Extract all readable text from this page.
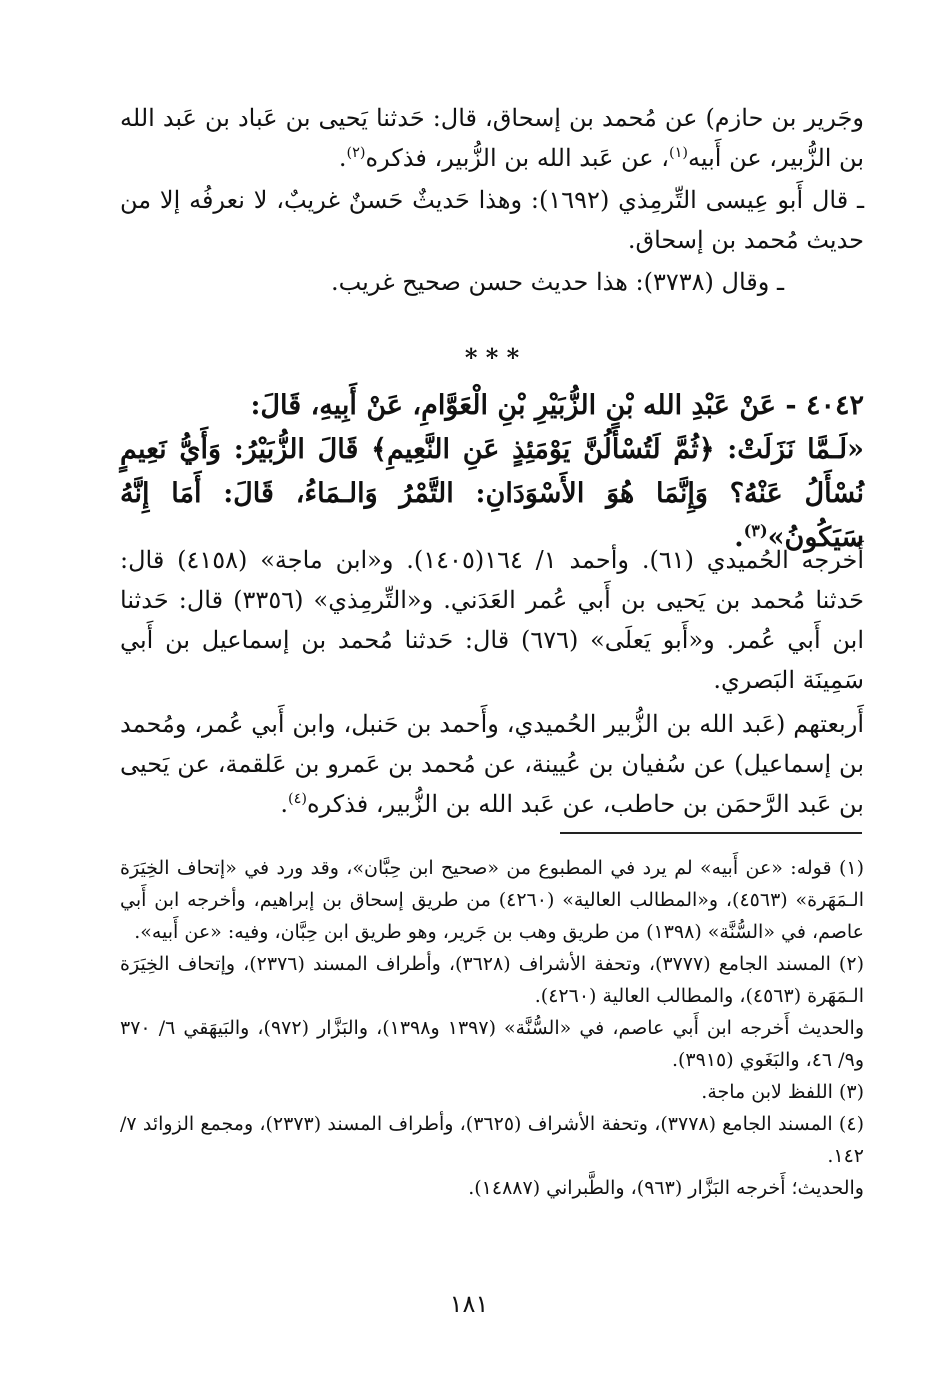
وجَرير بن حازم) عن مُحمد بن إسحاق، قال: حَدثنا يَحيى بن عَباد بن عَبد الله بن الزُّبير، عن أَبيه$^{(١)}$، عن عَبد الله بن الزُّبير، فذكره$^{(٢)}$.
ـ قال أَبو عِيسى التِّرمِذي (١٦٩٢): وهذا حَديثٌ حَسنٌ غريبٌ، لا نعرفُه إلا من حديث مُحمد بن إسحاق.
ـ وقال (٣٧٣٨): هذا حديث حسن صحيح غريب.
* * *
٤٠٤٢ - عَنْ عَبْدِ الله بْنِ الزُّبَيْرِ بْنِ الْعَوَّامِ، عَنْ أَبِيهِ، قَالَ:
«لَـمَّا نَزَلَتْ: ﴿ثُمَّ لَتُسْأَلُنَّ يَوْمَئِذٍ عَنِ النَّعِيمِ﴾ قَالَ الزُّبَيْرُ: وَأَيُّ نَعِيمٍ نُسْأَلُ عَنْهُ؟ وَإِنَّمَا هُوَ الأَسْوَدَانِ: التَّمْرُ وَالـمَاءُ، قَالَ: أَمَا إِنَّهُ سَيَكُونُ»$^{(٣)}$.
أَخرجه الحُميدي (٦١). وأحمد ١/ ١٦٤(١٤٠٥). و«ابن ماجة» (٤١٥٨) قال: حَدثنا مُحمد بن يَحيى بن أَبي عُمر العَدَني. و«التِّرمِذي» (٣٣٥٦) قال: حَدثنا ابن أَبي عُمر. و«أَبو يَعلَى» (٦٧٦) قال: حَدثنا مُحمد بن إسماعيل بن أَبي سَمِينَة البَصري.
أَربعتهم (عَبد الله بن الزُّبير الحُميدي، وأَحمد بن حَنبل، وابن أَبي عُمر، ومُحمد بن إسماعيل) عن سُفيان بن عُيينة، عن مُحمد بن عَمرو بن عَلقمة، عن يَحيى بن عَبد الرَّحمَن بن حاطب، عن عَبد الله بن الزُّبير، فذكره$^{(٤)}$.
(١) قوله: «عن أَبيه» لم يرد في المطبوع من «صحيح ابن حِبَّان»، وقد ورد في «إتحاف الخِيَرَة الـمَهَرة» (٤٥٦٣)، و«المطالب العالية» (٤٢٦٠) من طريق إسحاق بن إبراهيم، وأخرجه ابن أَبي عاصم، في «السُّنَّة» (١٣٩٨) من طريق وهب بن جَرير، وهو طريق ابن حِبَّان، وفيه: «عن أَبيه».
(٢) المسند الجامع (٣٧٧٧)، وتحفة الأشراف (٣٦٢٨)، وأطراف المسند (٢٣٧٦)، وإتحاف الخِيَرَة الـمَهَرة (٤٥٦٣)، والمطالب العالية (٤٢٦٠).
والحديث أَخرجه ابن أَبي عاصم، في «السُّنَّة» (١٣٩٧ و١٣٩٨)، والبَزَّار (٩٧٢)، والبَيهَقي ٦/ ٣٧٠ و٩/ ٤٦، والبَغَوي (٣٩١٥).
(٣) اللفظ لابن ماجة.
(٤) المسند الجامع (٣٧٧٨)، وتحفة الأشراف (٣٦٢٥)، وأطراف المسند (٢٣٧٣)، ومجمع الزوائد ٧/ ١٤٢.
والحديث؛ أَخرجه البَزَّار (٩٦٣)، والطَّبراني (١٤٨٨٧).
١٨١
